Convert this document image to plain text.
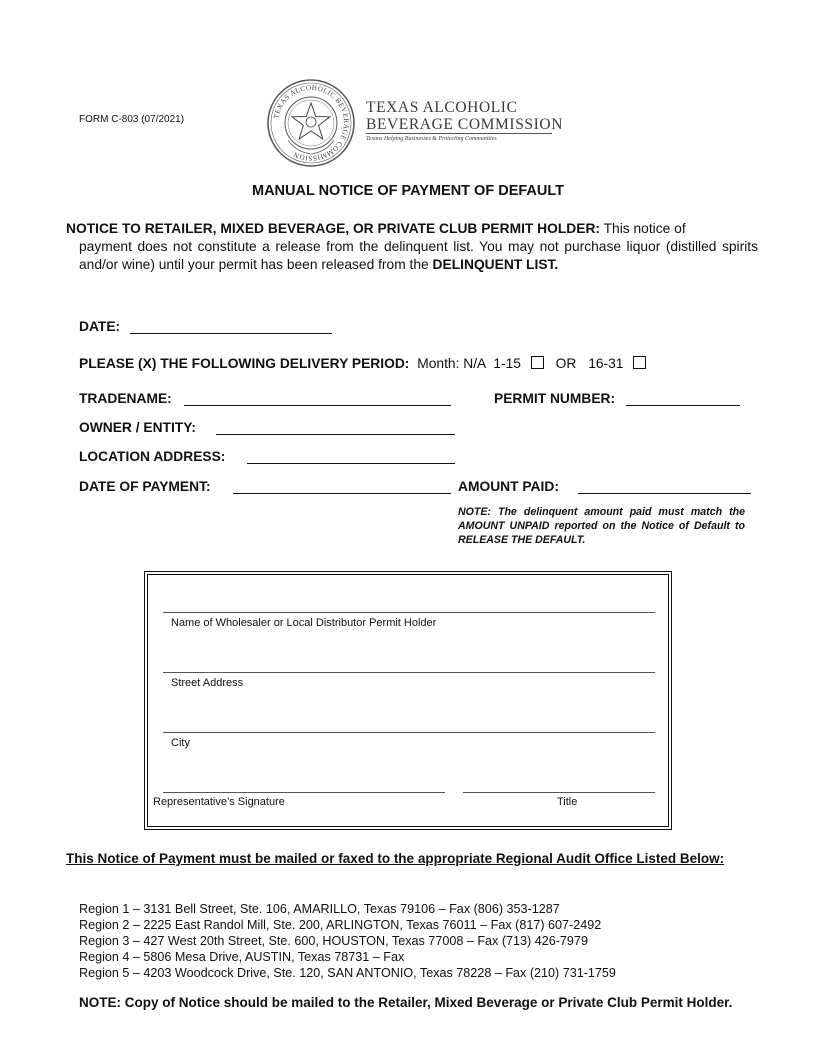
FORM C-803 (07/2021)	TEXAS ALCOHOLIC BEVERAGE COMMISSION
TEXAS ALCOHOLIC
BEVERAGE COMMISSION
Texans Helping Businesses & Protecting Communities
MANUAL NOTICE OF PAYMENT OF DEFAULT
NOTICE TO RETAILER, MIXED BEVERAGE, OR PRIVATE CLUB PERMIT HOLDER: This notice of
payment does not constitute a release from the delinquent list. You may not purchase liquor (distilled spirits and/or wine) until your permit has been released from the DELINQUENT LIST.
DATE:
PLEASE (X) THE FOLLOWING DELIVERY PERIOD: Month: N/A 1-15	OR 16-31
TRADENAME:	PERMIT NUMBER:
OWNER / ENTITY:
LOCATION ADDRESS:
DATE OF PAYMENT:	AMOUNT PAID:
NOTE: The delinquent amount paid must match the AMOUNT UNPAID reported on the Notice of Default to RELEASE THE DEFAULT.
Name of Wholesaler or Local Distributor Permit Holder
Street Address
City
Representative’s Signature	Title
This Notice of Payment must be mailed or faxed to the appropriate Regional Audit Office Listed Below:
Region 1 – 3131 Bell Street, Ste. 106, AMARILLO, Texas 79106 – Fax (806) 353-1287
Region 2 – 2225 East Randol Mill, Ste. 200, ARLINGTON, Texas 76011 – Fax (817) 607-2492
Region 3 – 427 West 20th Street, Ste. 600, HOUSTON, Texas 77008 – Fax (713) 426-7979
Region 4 – 5806 Mesa Drive, AUSTIN, Texas 78731 – Fax
Region 5 – 4203 Woodcock Drive, Ste. 120, SAN ANTONIO, Texas 78228 – Fax (210) 731-1759
NOTE: Copy of Notice should be mailed to the Retailer, Mixed Beverage or Private Club Permit Holder.
